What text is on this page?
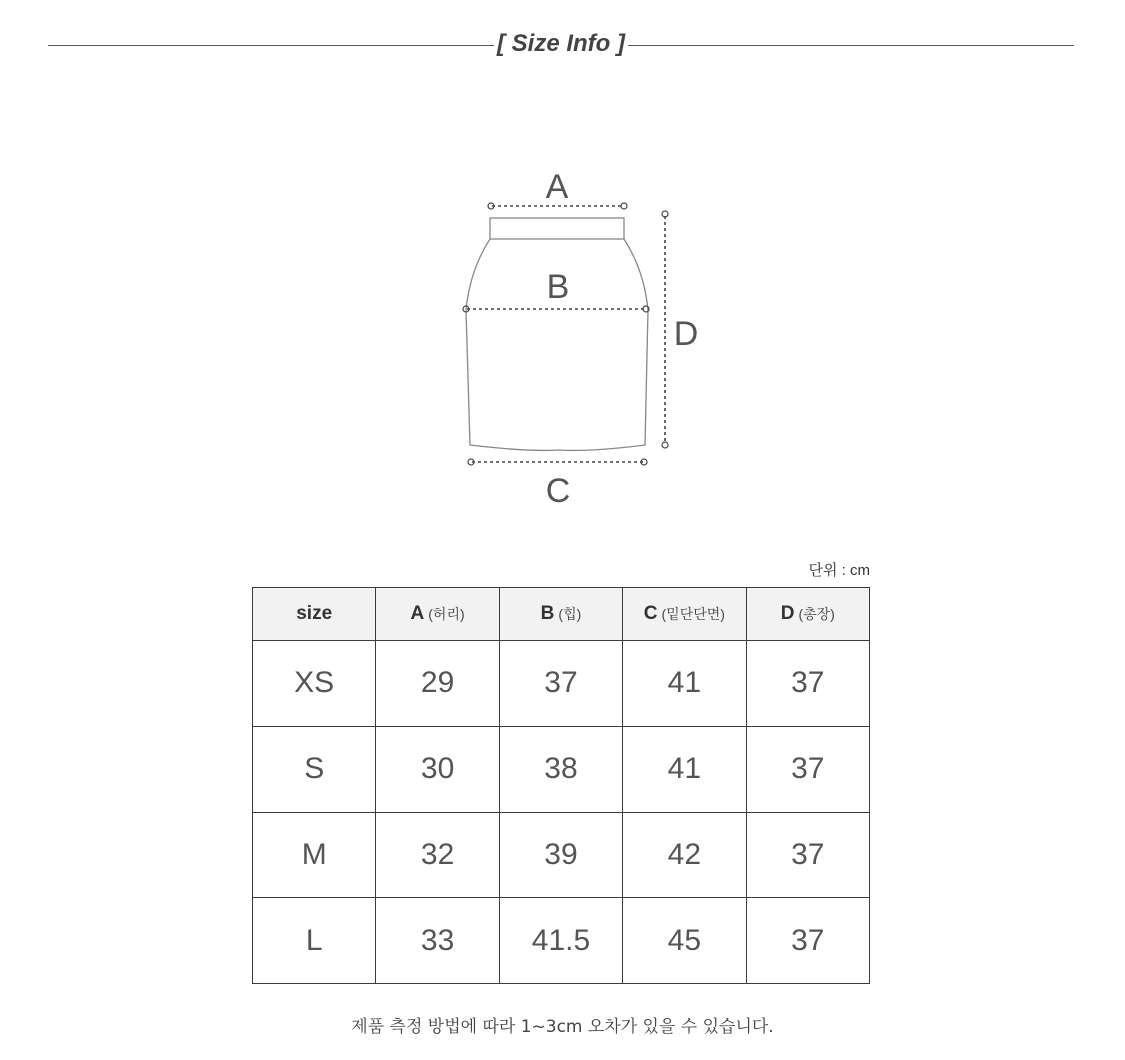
[ Size Info ]
A
B
C
D
단위 : cm
size	A (허리)	B (힙)	C (밑단단면)	D (총장)
XS	29	37	41	37
S	30	38	41	37
M	32	39	42	37
L	33	41.5	45	37
제품 측정 방법에 따라 1~3cm 오차가 있을 수 있습니다.
